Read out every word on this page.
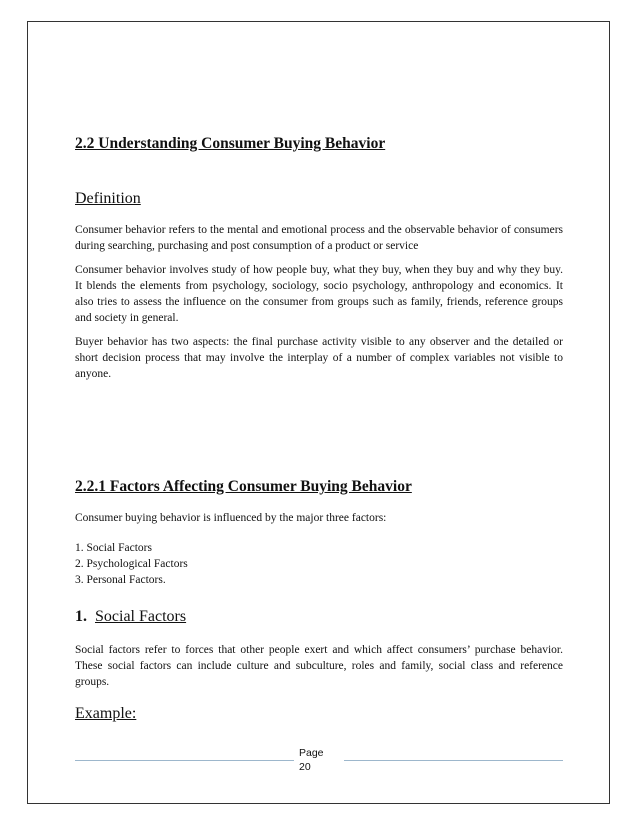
2.2 Understanding Consumer Buying Behavior
Definition
Consumer behavior refers to the mental and emotional process and the observable behavior of consumers during searching, purchasing and post consumption of a product or service
Consumer behavior involves study of how people buy, what they buy, when they buy and why they buy. It blends the elements from psychology, sociology, socio psychology, anthropology and economics. It also tries to assess the influence on the consumer from groups such as family, friends, reference groups and society in general.
Buyer behavior has two aspects: the final purchase activity visible to any observer and the detailed or short decision process that may involve the interplay of a number of complex variables not visible to anyone.
2.2.1 Factors Affecting Consumer Buying Behavior
Consumer buying behavior is influenced by the major three factors:
1. Social Factors
2. Psychological Factors
3. Personal Factors.
1. Social Factors
Social factors refer to forces that other people exert and which affect consumers’ purchase behavior. These social factors can include culture and subculture, roles and family, social class and reference groups.
Example:
Page
20
